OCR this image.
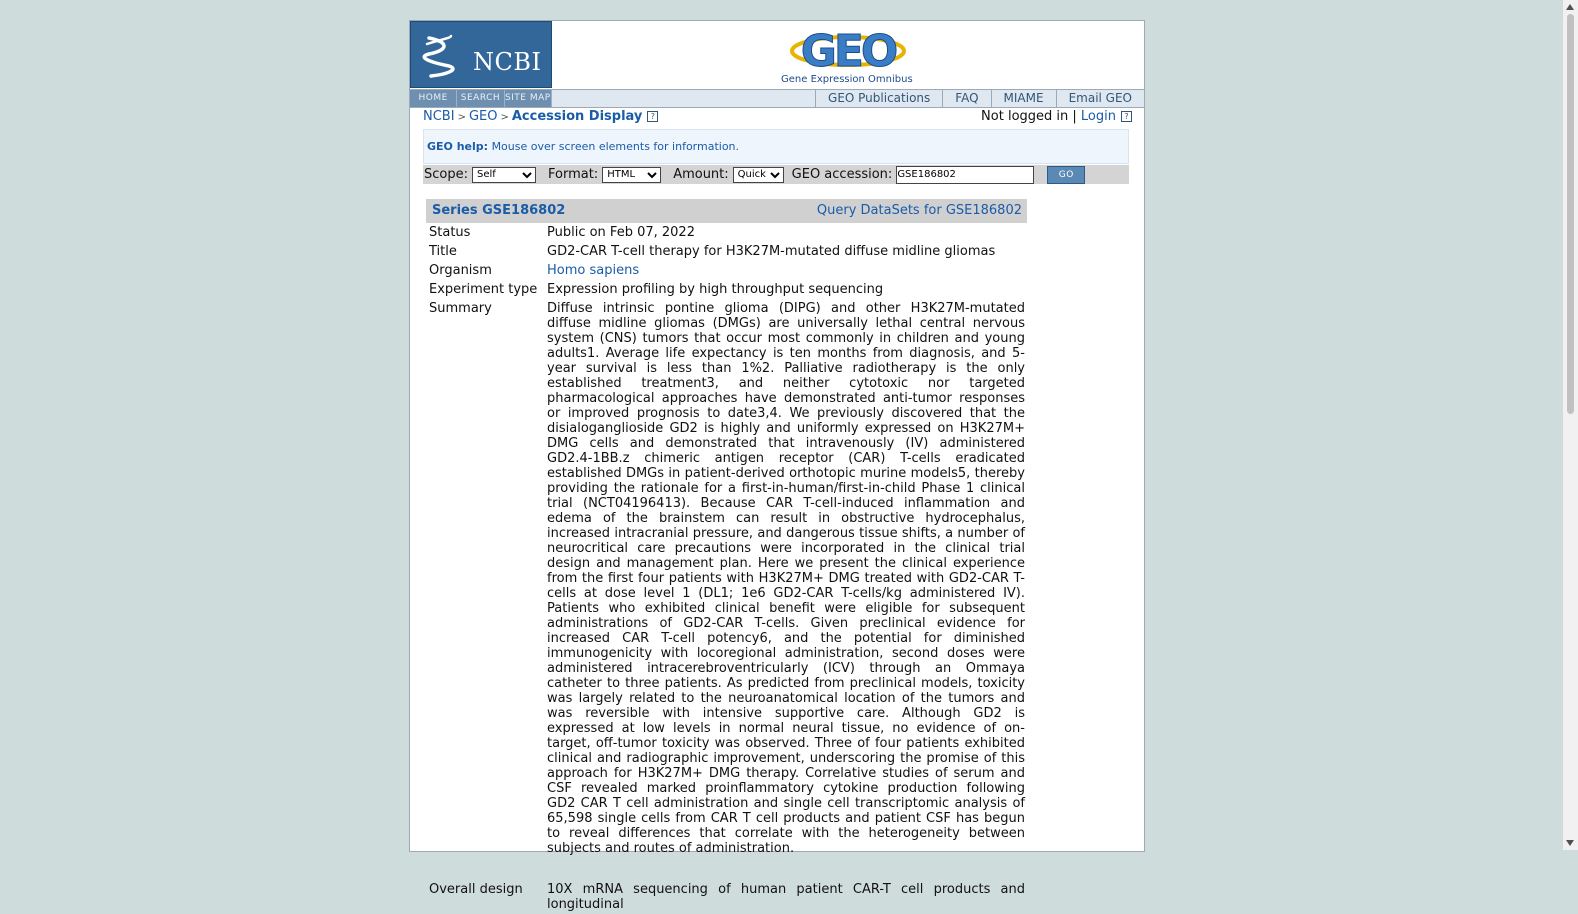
NCBI	GEO
Gene Expression Omnibus
HOME	SEARCH SITE MAP	GEO Publications	FAQ	MIAME	Email GEO
NCBI > GEO > Accession Display ?	Not logged in | Login ?
GEO help: Mouse over screen elements for information.
Scope:
Self	Format:
HTML	Amount:
Quick	GEO accession:
GSE186802	GO
Series GSE186802	Query DataSets for GSE186802
Status	Public on Feb 07, 2022
Title	GD2-CAR T-cell therapy for H3K27M-mutated diffuse midline gliomas
Organism	Homo sapiens
Experiment type	Expression profiling by high throughput sequencing
Summary	Diffuse intrinsic pontine glioma (DIPG) and other H3K27M-mutated diffuse midline gliomas (DMGs) are universally lethal central nervous system (CNS) tumors that occur most commonly in children and young adults1. Average life expectancy is ten months from diagnosis, and 5-year survival is less than 1%2. Palliative radiotherapy is the only established treatment3, and neither cytotoxic nor targeted pharmacological approaches have demonstrated anti-tumor responses or improved prognosis to date3,4. We previously discovered that the disialoganglioside GD2 is highly and uniformly expressed on H3K27M+ DMG cells and demonstrated that intravenously (IV) administered GD2.4-1BB.z chimeric antigen receptor (CAR) T-cells eradicated established DMGs in patient-derived orthotopic murine models5, thereby providing the rationale for a first-in-human/first-in-child Phase 1 clinical trial (NCT04196413). Because CAR T-cell-induced inflammation and edema of the brainstem can result in obstructive hydrocephalus, increased intracranial pressure, and dangerous tissue shifts, a number of neurocritical care precautions were incorporated in the clinical trial design and management plan. Here we present the clinical experience from the first four patients with H3K27M+ DMG treated with GD2-CAR T-cells at dose level 1 (DL1; 1e6 GD2-CAR T-cells/kg administered IV). Patients who exhibited clinical benefit were eligible for subsequent administrations of GD2-CAR T-cells. Given preclinical evidence for increased CAR T-cell potency6, and the potential for diminished immunogenicity with locoregional administration, second doses were administered intracerebroventricularly (ICV) through an Ommaya catheter to three patients. As predicted from preclinical models, toxicity was largely related to the neuroanatomical location of the tumors and was reversible with intensive supportive care. Although GD2 is expressed at low levels in normal neural tissue, no evidence of on-target, off-tumor toxicity was observed. Three of four patients exhibited clinical and radiographic improvement, underscoring the promise of this approach for H3K27M+ DMG therapy. Correlative studies of serum and CSF revealed marked proinflammatory cytokine production following GD2 CAR T cell administration and single cell transcriptomic analysis of 65,598 single cells from CAR T cell products and patient CSF has begun to reveal differences that correlate with the heterogeneity between subjects and routes of administration.
Overall design	10X mRNA sequencing of human patient CAR-T cell products and longitudinal
